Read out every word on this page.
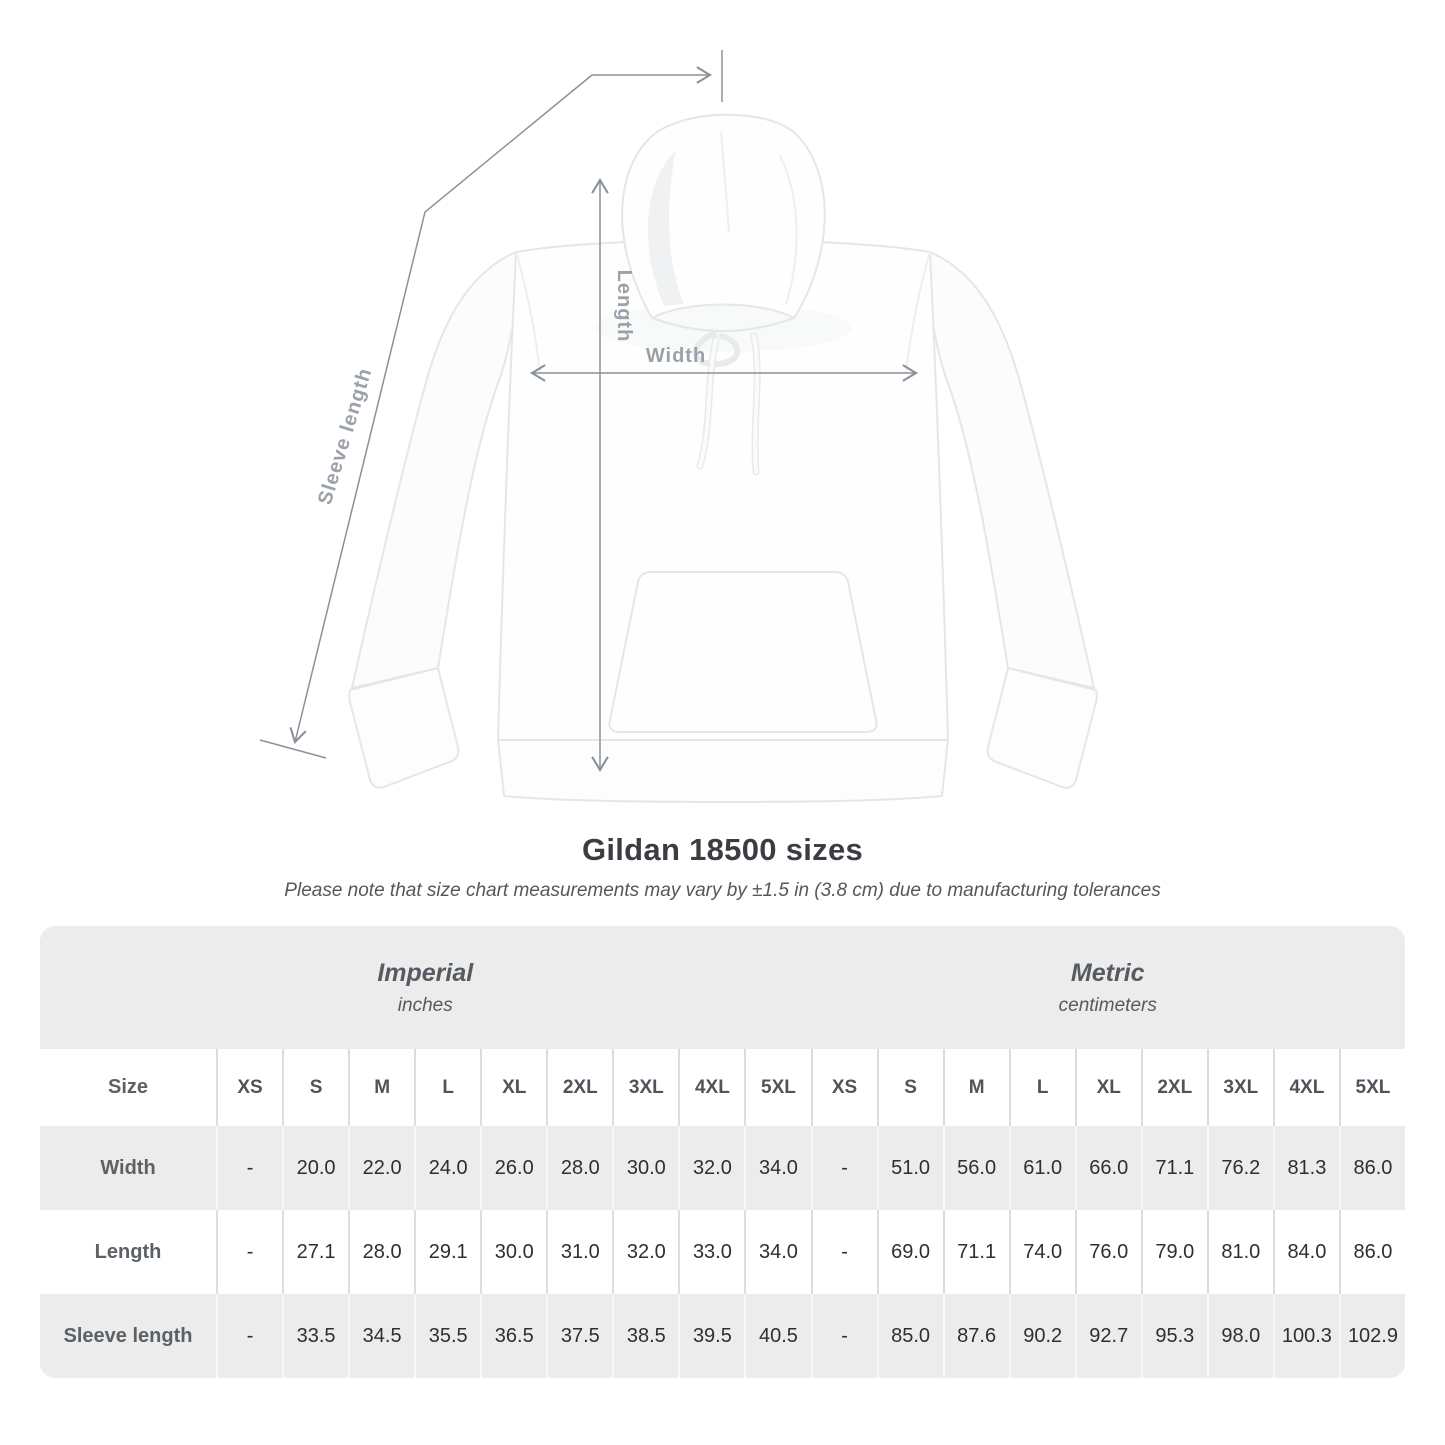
Length
Width
Sleeve length
Gildan 18500 sizes
Please note that size chart measurements may vary by ±1.5 in (3.8 cm) due to manufacturing tolerances
Imperial
inches
Metric
centimeters
Size	XS	S	M	L	XL	2XL	3XL	4XL	5XL	XS	S	M	L	XL	2XL	3XL	4XL	5XL
Width	-	20.0	22.0	24.0	26.0	28.0	30.0	32.0	34.0	-	51.0	56.0	61.0	66.0	71.1	76.2	81.3	86.0
Length	-	27.1	28.0	29.1	30.0	31.0	32.0	33.0	34.0	-	69.0	71.1	74.0	76.0	79.0	81.0	84.0	86.0
Sleeve length	-	33.5	34.5	35.5	36.5	37.5	38.5	39.5	40.5	-	85.0	87.6	90.2	92.7	95.3	98.0	100.3 102.9
